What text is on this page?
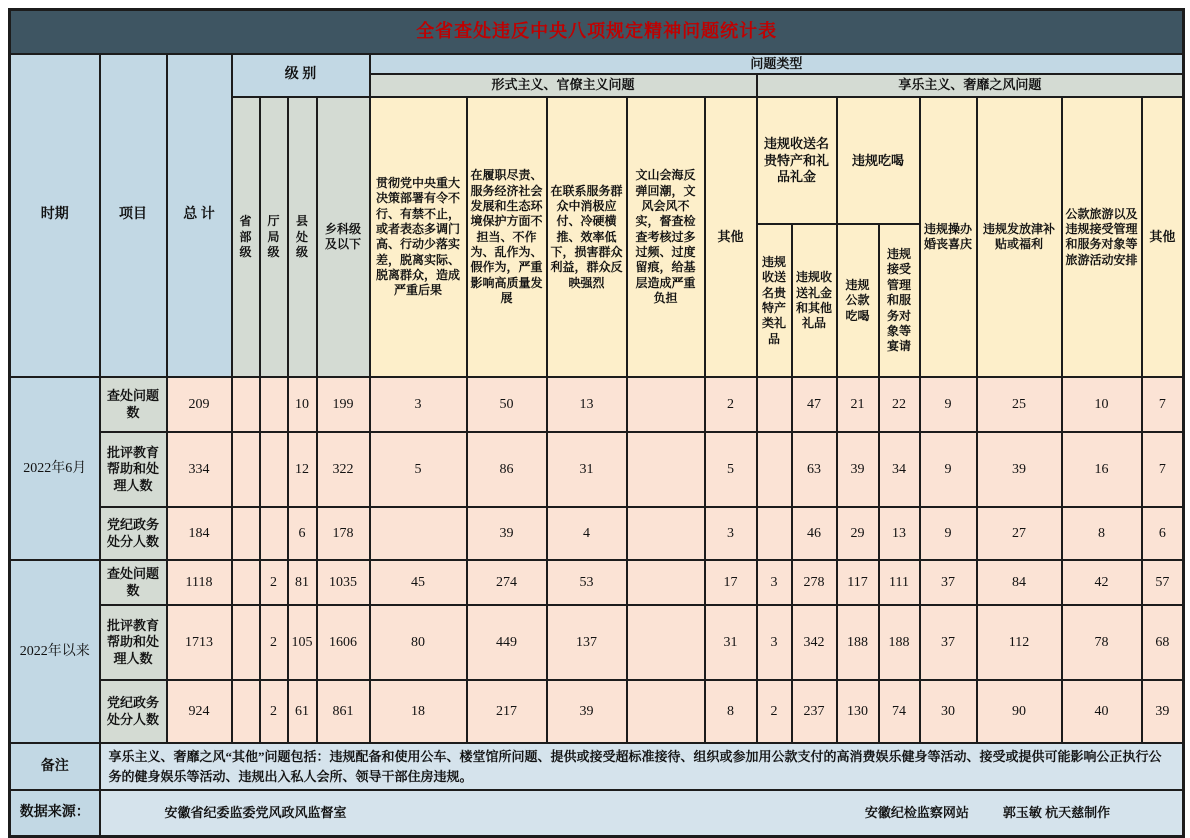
全省查处违反中央八项规定精神问题统计表																			
时期	项目	总 计	级 别				问题类型												
							形式主义、官僚主义问题					享乐主义、奢靡之风问题							
			省部级	厅局级	县处级	乡科级及以下	贯彻党中央重大决策部署有令不行、有禁不止，或者表态多调门高、行动少落实差，脱离实际、脱离群众，造成严重后果	在履职尽责、服务经济社会发展和生态环境保护方面不担当、不作为、乱作为、假作为，严重影响高质量发展	在联系服务群众中消极应付、冷硬横推、效率低下，损害群众利益，群众反映强烈	文山会海反弹回潮，文风会风不实，督查检查考核过多过频、过度留痕，给基层造成严重负担	其他	违规收送名贵特产和礼品礼金		违规吃喝		违规操办婚丧喜庆	违规发放津补贴或福利	公款旅游以及违规接受管理和服务对象等旅游活动安排	其他
												违规收送名贵特产类礼品	违规收送礼金和其他礼品	违规公款吃喝	违规接受管理和服务对象等宴请				
2022年6月	查处问题数	209			10	199	3	50	13		2		47	21	22	9	25	10	7
	批评教育帮助和处理人数	334			12	322	5	86	31		5		63	39	34	9	39	16	7
	党纪政务处分人数	184			6	178		39	4		3		46	29	13	9	27	8	6
2022年以来	查处问题数	1118		2	81	1035	45	274	53		17	3	278	117	111	37	84	42	57
	批评教育帮助和处理人数	1713		2	105	1606	80	449	137		31	3	342	188	188	37	112	78	68
	党纪政务处分人数	924		2	61	861	18	217	39		8	2	237	130	74	30	90	40	39
备注	享乐主义、奢靡之风“其他”问题包括：违规配备和使用公车、楼堂馆所问题、提供或接受超标准接待、组织或参加用公款支付的高消费娱乐健身等活动、接受或提供可能影响公正执行公务的健身娱乐等活动、违规出入私人会所、领导干部住房违规。																		
数据来源：	安徽省纪委监委党风政风监督室 安徽纪检监察网站 郭玉敏 杭天慈制作																		
